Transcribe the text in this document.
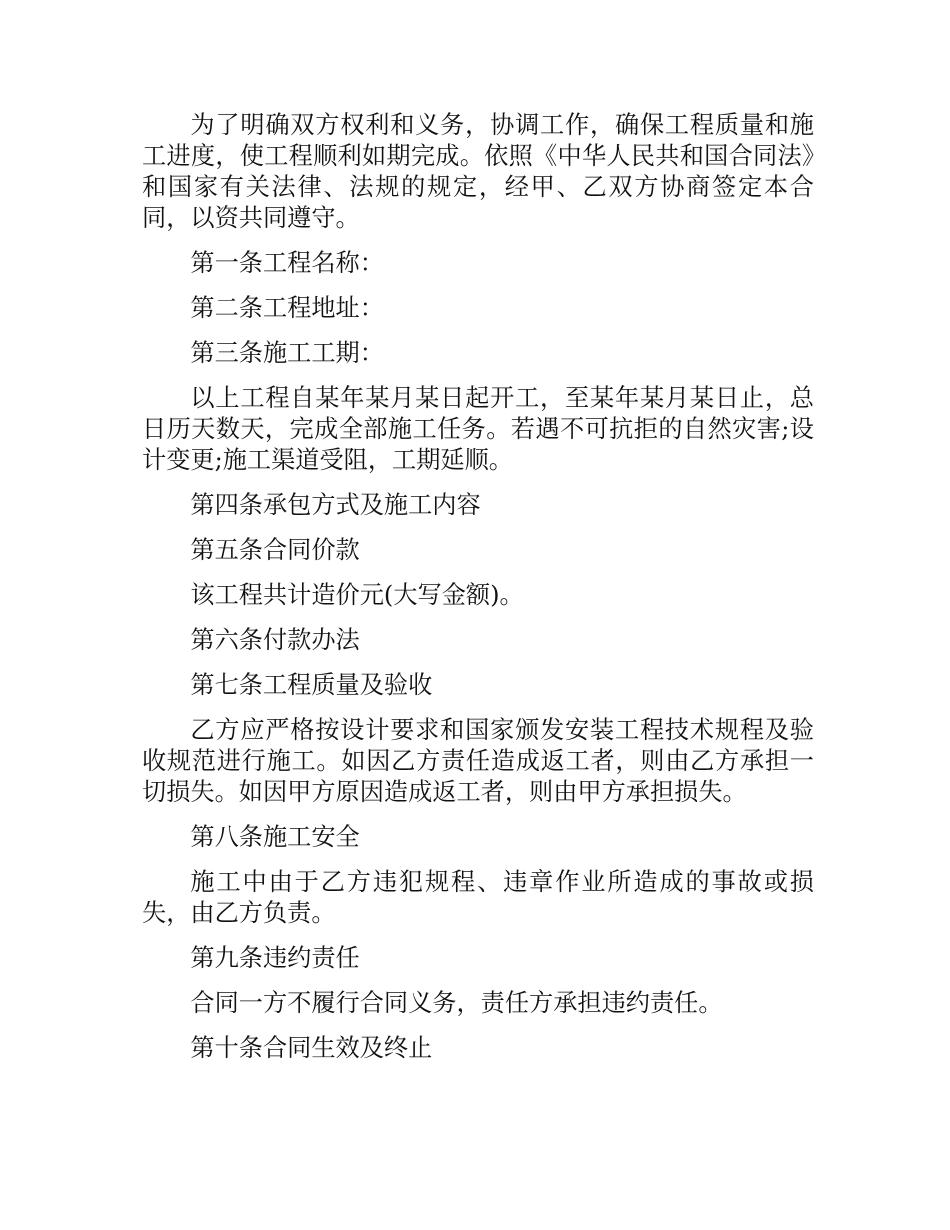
为了明确双方权利和义务，协调工作，确保工程质量和施工进度，使工程顺利如期完成。依照《中华人民共和国合同法》和国家有关法律、法规的规定，经甲、乙双方协商签定本合同，以资共同遵守。

第一条工程名称：

第二条工程地址：

第三条施工工期：

以上工程自某年某月某日起开工，至某年某月某日止，总日历天数天，完成全部施工任务。若遇不可抗拒的自然灾害;设计变更;施工渠道受阻，工期延顺。

第四条承包方式及施工内容

第五条合同价款

该工程共计造价元(大写金额)。

第六条付款办法

第七条工程质量及验收

乙方应严格按设计要求和国家颁发安装工程技术规程及验收规范进行施工。如因乙方责任造成返工者，则由乙方承担一切损失。如因甲方原因造成返工者，则由甲方承担损失。

第八条施工安全

施工中由于乙方违犯规程、违章作业所造成的事故或损失，由乙方负责。

第九条违约责任

合同一方不履行合同义务，责任方承担违约责任。

第十条合同生效及终止
